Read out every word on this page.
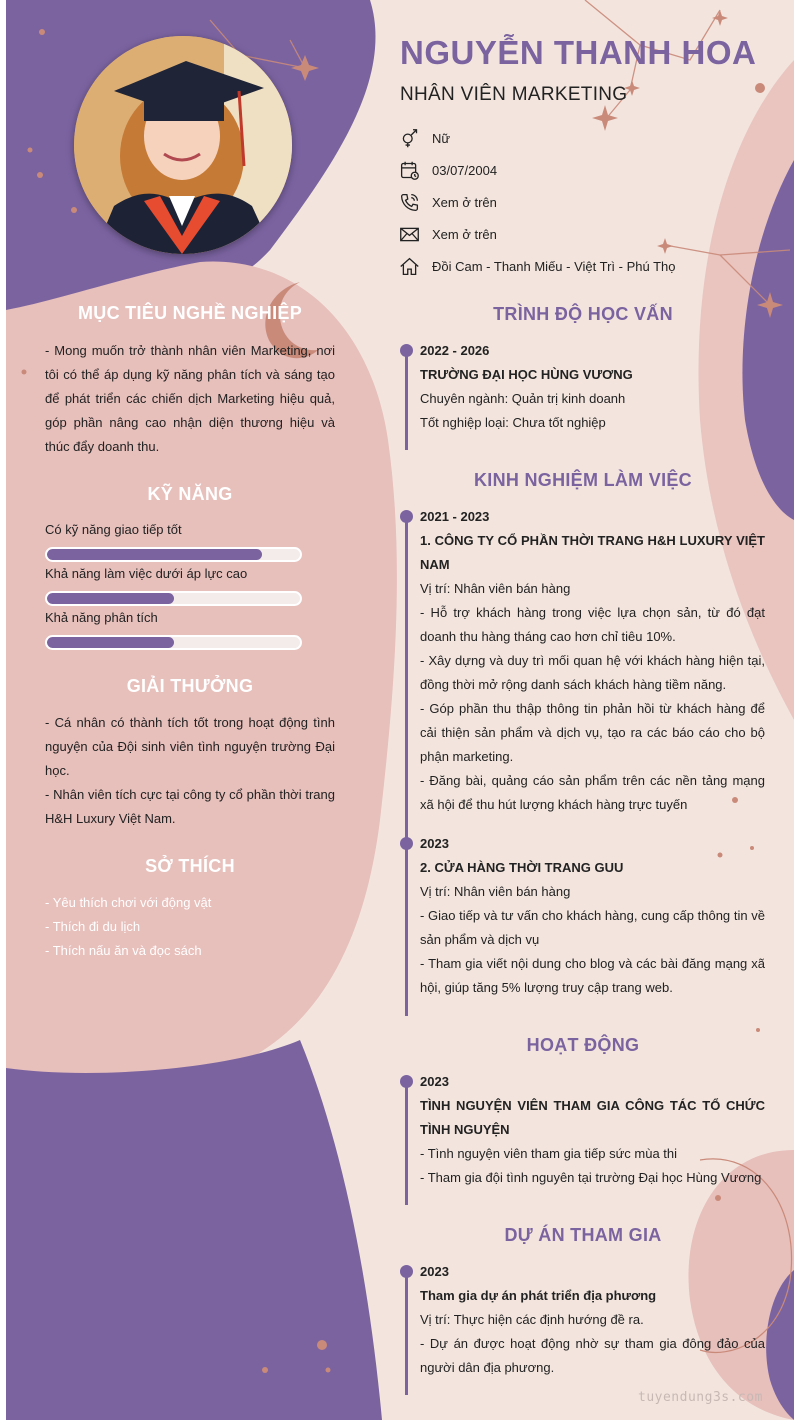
MỤC TIÊU NGHỀ NGHIỆP

- Mong muốn trở thành nhân viên Marketing, nơi tôi có thể áp dụng kỹ năng phân tích và sáng tạo để phát triển các chiến dịch Marketing hiệu quả, góp phần nâng cao nhận diện thương hiệu và thúc đẩy doanh thu.

KỸ NĂNG
Có kỹ năng giao tiếp tốt
Khả năng làm việc dưới áp lực cao
Khả năng phân tích
GIẢI THƯỞNG

- Cá nhân có thành tích tốt trong hoạt động tình nguyện của Đội sinh viên tình nguyện trường Đại học.

- Nhân viên tích cực tại công ty cổ phần thời trang H&H Luxury Việt Nam.

SỞ THÍCH

- Yêu thích chơi với động vật

- Thích đi du lịch

- Thích nấu ăn và đọc sách

NGUYỄN THANH HOA
NHÂN VIÊN MARKETING
Nữ
03/07/2004
Xem ở trên
Xem ở trên
Đồi Cam - Thanh Miếu - Việt Trì - Phú Thọ
TRÌNH ĐỘ HỌC VẤN

2022 - 2026

TRƯỜNG ĐẠI HỌC HÙNG VƯƠNG

Chuyên ngành: Quản trị kinh doanh

Tốt nghiệp loại: Chưa tốt nghiệp

KINH NGHIỆM LÀM VIỆC

2021 - 2023

1. CÔNG TY CỔ PHẦN THỜI TRANG H&H LUXURY VIỆT NAM

Vị trí: Nhân viên bán hàng

- Hỗ trợ khách hàng trong việc lựa chọn sản, từ đó đạt doanh thu hàng tháng cao hơn chỉ tiêu 10%.

- Xây dựng và duy trì mối quan hệ với khách hàng hiện tại, đồng thời mở rộng danh sách khách hàng tiềm năng.

- Góp phần thu thập thông tin phản hồi từ khách hàng để cải thiện sản phẩm và dịch vụ, tạo ra các báo cáo cho bộ phận marketing.

- Đăng bài, quảng cáo sản phẩm trên các nền tảng mạng xã hội để thu hút lượng khách hàng trực tuyến

2023

2. CỬA HÀNG THỜI TRANG GUU

Vị trí: Nhân viên bán hàng

- Giao tiếp và tư vấn cho khách hàng, cung cấp thông tin về sản phẩm và dịch vụ

- Tham gia viết nội dung cho blog và các bài đăng mạng xã hội, giúp tăng 5% lượng truy cập trang web.

HOẠT ĐỘNG

2023

TÌNH NGUYỆN VIÊN THAM GIA CÔNG TÁC TỔ CHỨC TÌNH NGUYỆN

- Tình nguyện viên tham gia tiếp sức mùa thi

- Tham gia đội tình nguyên tại trường Đại học Hùng Vương

DỰ ÁN THAM GIA

2023

Tham gia dự án phát triển địa phương

Vị trí: Thực hiện các định hướng đề ra.

- Dự án được hoạt động nhờ sự tham gia đông đảo của người dân địa phương.

tuyendung3s.com
